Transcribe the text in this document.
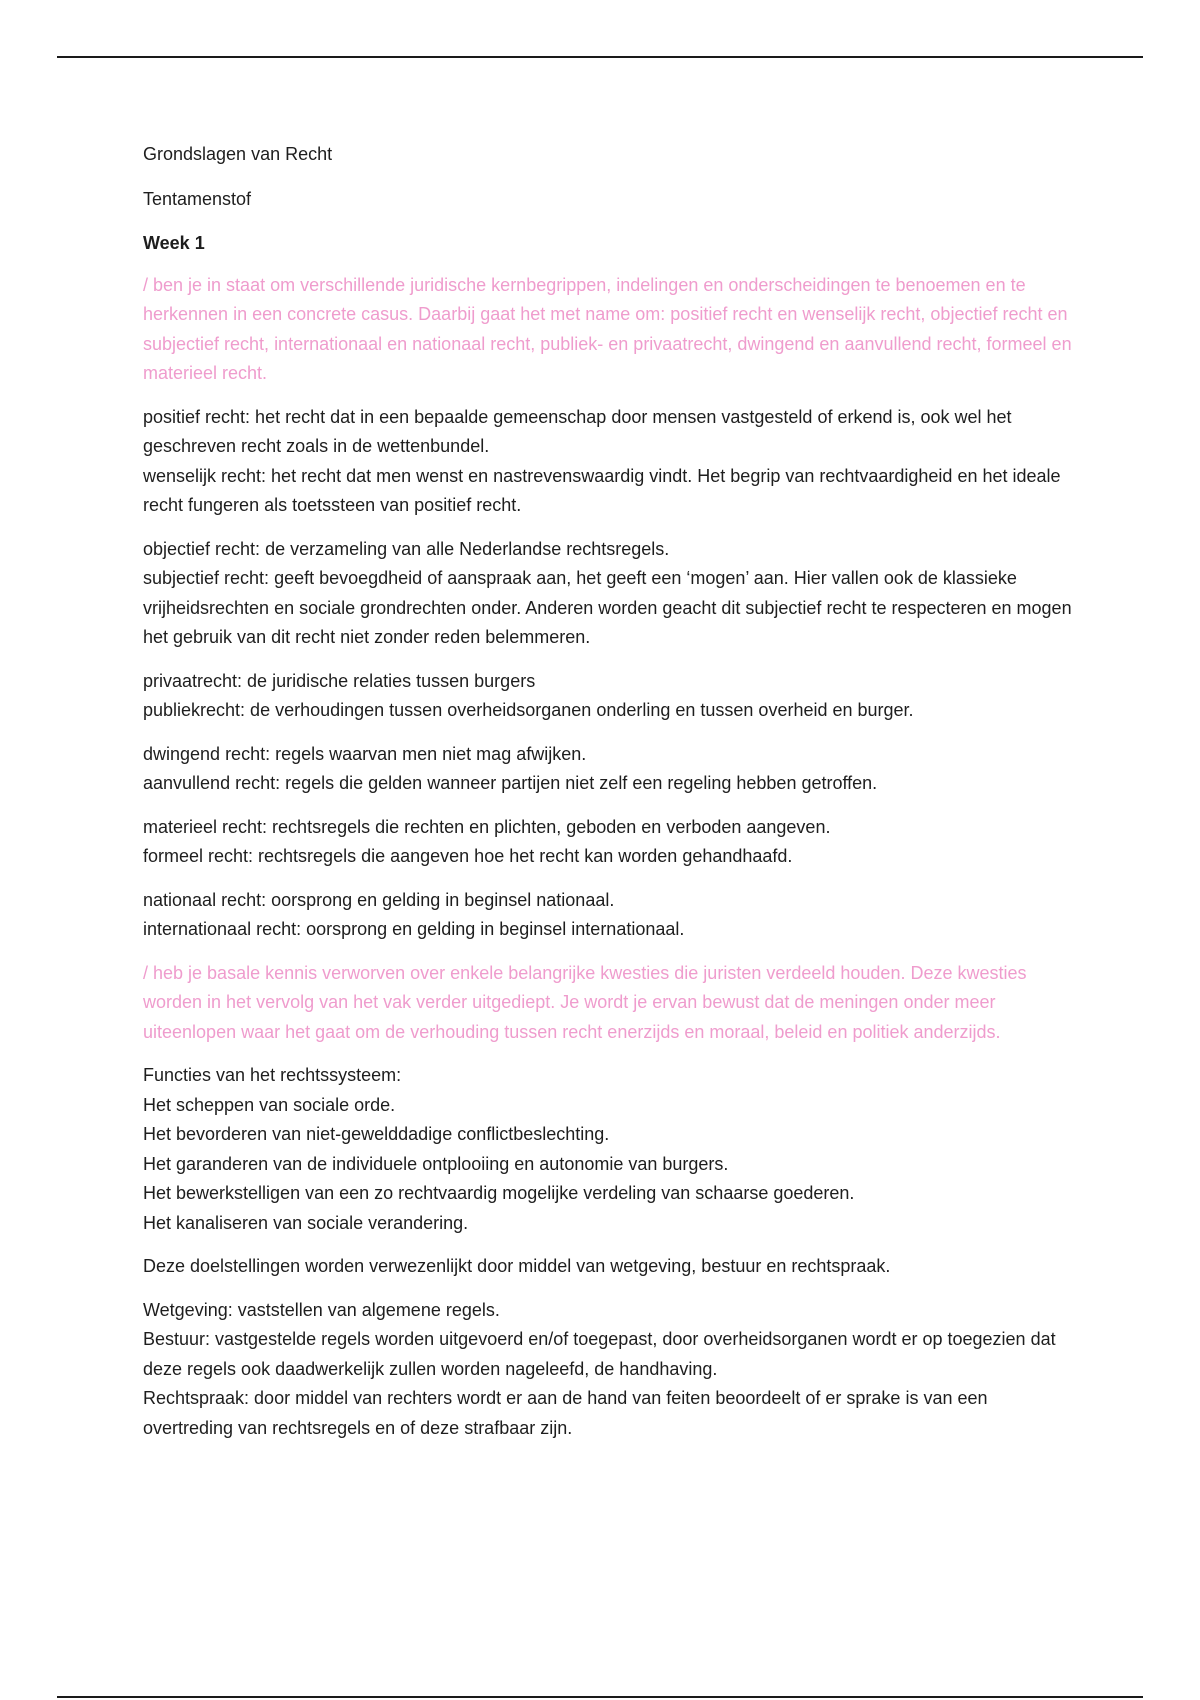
Grondslagen van Recht

Tentamenstof

Week 1

/ ben je in staat om verschillende juridische kernbegrippen, indelingen en onderscheidingen te benoemen en te herkennen in een concrete casus. Daarbij gaat het met name om: positief recht en wenselijk recht, objectief recht en subjectief recht, internationaal en nationaal recht, publiek- en privaatrecht, dwingend en aanvullend recht, formeel en materieel recht.

positief recht: het recht dat in een bepaalde gemeenschap door mensen vastgesteld of erkend is, ook wel het geschreven recht zoals in de wettenbundel.

wenselijk recht: het recht dat men wenst en nastrevenswaardig vindt. Het begrip van rechtvaardigheid en het ideale recht fungeren als toetssteen van positief recht.

objectief recht: de verzameling van alle Nederlandse rechtsregels.

subjectief recht: geeft bevoegdheid of aanspraak aan, het geeft een ‘mogen’ aan. Hier vallen ook de klassieke vrijheidsrechten en sociale grondrechten onder. Anderen worden geacht dit subjectief recht te respecteren en mogen het gebruik van dit recht niet zonder reden belemmeren.

privaatrecht: de juridische relaties tussen burgers

publiekrecht: de verhoudingen tussen overheidsorganen onderling en tussen overheid en burger.

dwingend recht: regels waarvan men niet mag afwijken.

aanvullend recht: regels die gelden wanneer partijen niet zelf een regeling hebben getroffen.

materieel recht: rechtsregels die rechten en plichten, geboden en verboden aangeven.

formeel recht: rechtsregels die aangeven hoe het recht kan worden gehandhaafd.

nationaal recht: oorsprong en gelding in beginsel nationaal.

internationaal recht: oorsprong en gelding in beginsel internationaal.

/ heb je basale kennis verworven over enkele belangrijke kwesties die juristen verdeeld houden. Deze kwesties worden in het vervolg van het vak verder uitgediept. Je wordt je ervan bewust dat de meningen onder meer uiteenlopen waar het gaat om de verhouding tussen recht enerzijds en moraal, beleid en politiek anderzijds.

Functies van het rechtssysteem:

Het scheppen van sociale orde.

Het bevorderen van niet-gewelddadige conflictbeslechting.

Het garanderen van de individuele ontplooiing en autonomie van burgers.

Het bewerkstelligen van een zo rechtvaardig mogelijke verdeling van schaarse goederen.

Het kanaliseren van sociale verandering.

Deze doelstellingen worden verwezenlijkt door middel van wetgeving, bestuur en rechtspraak.

Wetgeving: vaststellen van algemene regels.

Bestuur: vastgestelde regels worden uitgevoerd en/of toegepast, door overheidsorganen wordt er op toegezien dat deze regels ook daadwerkelijk zullen worden nageleefd, de handhaving.

Rechtspraak: door middel van rechters wordt er aan de hand van feiten beoordeelt of er sprake is van een overtreding van rechtsregels en of deze strafbaar zijn.
